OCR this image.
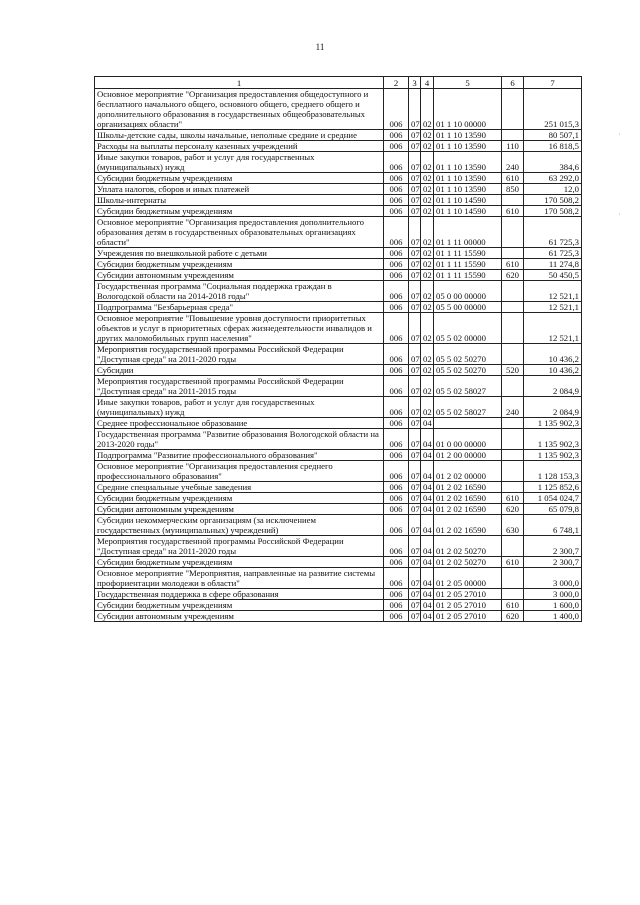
11
1	2	3	4	5	6	7
Основное мероприятие "Организация предоставления общедоступного и бесплатного начального общего, основного общего, среднего общего и дополнительного образования в государственных общеобразовательных организациях области"	006	07	02	01 1 10 00000		251 015,3
Школы-детские сады, школы начальные, неполные средние и средние	006	07	02	01 1 10 13590		80 507,1
Расходы на выплаты персоналу казенных учреждений	006	07	02	01 1 10 13590	110	16 818,5
Иные закупки товаров, работ и услуг для государственных (муниципальных) нужд	006	07	02	01 1 10 13590	240	384,6
Субсидии бюджетным учреждениям	006	07	02	01 1 10 13590	610	63 292,0
Уплата налогов, сборов и иных платежей	006	07	02	01 1 10 13590	850	12,0
Школы-интернаты	006	07	02	01 1 10 14590		170 508,2
Субсидии бюджетным учреждениям	006	07	02	01 1 10 14590	610	170 508,2
Основное мероприятие "Организация предоставления дополнительного образования детям в государственных образовательных организациях области"	006	07	02	01 1 11 00000		61 725,3
Учреждения по внешкольной работе с детьми	006	07	02	01 1 11 15590		61 725,3
Субсидии бюджетным учреждениям	006	07	02	01 1 11 15590	610	11 274,8
Субсидии автономным учреждениям	006	07	02	01 1 11 15590	620	50 450,5
Государственная программа "Социальная поддержка граждан в Вологодской области на 2014-2018 годы"	006	07	02	05 0 00 00000		12 521,1
Подпрограмма "Безбарьерная среда"	006	07	02	05 5 00 00000		12 521,1
Основное мероприятие "Повышение уровня доступности приоритетных объектов и услуг в приоритетных сферах жизнедеятельности инвалидов и других маломобильных групп населения"	006	07	02	05 5 02 00000		12 521,1
Мероприятия государственной программы Российской Федерации "Доступная среда" на 2011-2020 годы	006	07	02	05 5 02 50270		10 436,2
Субсидии	006	07	02	05 5 02 50270	520	10 436,2
Мероприятия государственной программы Российской Федерации "Доступная среда" на 2011-2015 годы	006	07	02	05 5 02 58027		2 084,9
Иные закупки товаров, работ и услуг для государственных (муниципальных) нужд	006	07	02	05 5 02 58027	240	2 084,9
Среднее профессиональное образование	006	07	04			1 135 902,3
Государственная программа "Развитие образования Вологодской области на 2013-2020 годы"	006	07	04	01 0 00 00000		1 135 902,3
Подпрограмма "Развитие профессионального образования"	006	07	04	01 2 00 00000		1 135 902,3
Основное мероприятие "Организация предоставления среднего профессионального образования"	006	07	04	01 2 02 00000		1 128 153,3
Средние специальные учебные заведения	006	07	04	01 2 02 16590		1 125 852,6
Субсидии бюджетным учреждениям	006	07	04	01 2 02 16590	610	1 054 024,7
Субсидии автономным учреждениям	006	07	04	01 2 02 16590	620	65 079,8
Субсидии некоммерческим организациям (за исключением государственных (муниципальных) учреждений)	006	07	04	01 2 02 16590	630	6 748,1
Мероприятия государственной программы Российской Федерации "Доступная среда" на 2011-2020 годы	006	07	04	01 2 02 50270		2 300,7
Субсидии бюджетным учреждениям	006	07	04	01 2 02 50270	610	2 300,7
Основное мероприятие "Мероприятия, направленные на развитие системы профориентации молодежи в области"	006	07	04	01 2 05 00000		3 000,0
Государственная поддержка в сфере образования	006	07	04	01 2 05 27010		3 000,0
Субсидии бюджетным учреждениям	006	07	04	01 2 05 27010	610	1 600,0
Субсидии автономным учреждениям	006	07	04	01 2 05 27010	620	1 400,0
·
·
